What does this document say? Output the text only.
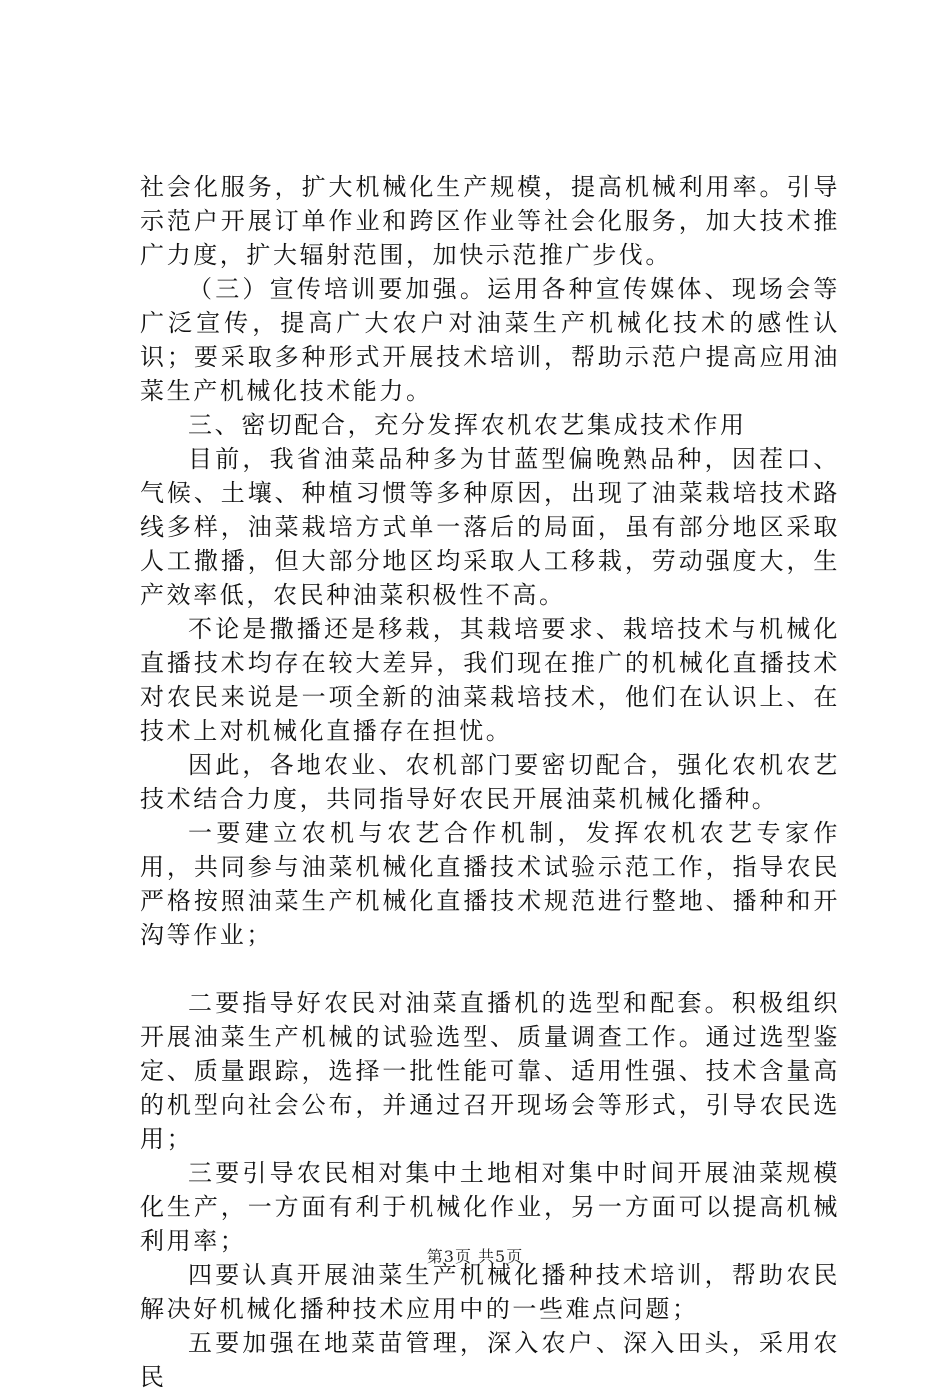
社会化服务，扩大机械化生产规模，提高机械利用率。引导示范户开展订单作业和跨区作业等社会化服务，加大技术推广力度，扩大辐射范围，加快示范推广步伐。

（三）宣传培训要加强。运用各种宣传媒体、现场会等广泛宣传，提高广大农户对油菜生产机械化技术的感性认识；要采取多种形式开展技术培训，帮助示范户提高应用油菜生产机械化技术能力。

三、密切配合，充分发挥农机农艺集成技术作用

目前，我省油菜品种多为甘蓝型偏晚熟品种，因茬口、气候、土壤、种植习惯等多种原因，出现了油菜栽培技术路线多样，油菜栽培方式单一落后的局面，虽有部分地区采取人工撒播，但大部分地区均采取人工移栽，劳动强度大，生产效率低，农民种油菜积极性不高。

不论是撒播还是移栽，其栽培要求、栽培技术与机械化直播技术均存在较大差异，我们现在推广的机械化直播技术对农民来说是一项全新的油菜栽培技术，他们在认识上、在技术上对机械化直播存在担忧。

因此，各地农业、农机部门要密切配合，强化农机农艺技术结合力度，共同指导好农民开展油菜机械化播种。

一要建立农机与农艺合作机制，发挥农机农艺专家作用，共同参与油菜机械化直播技术试验示范工作，指导农民严格按照油菜生产机械化直播技术规范进行整地、播种和开沟等作业；

二要指导好农民对油菜直播机的选型和配套。积极组织开展油菜生产机械的试验选型、质量调查工作。通过选型鉴定、质量跟踪，选择一批性能可靠、适用性强、技术含量高的机型向社会公布，并通过召开现场会等形式，引导农民选用；

三要引导农民相对集中土地相对集中时间开展油菜规模化生产，一方面有利于机械化作业，另一方面可以提高机械利用率；

四要认真开展油菜生产机械化播种技术培训，帮助农民解决好机械化播种技术应用中的一些难点问题；

五要加强在地菜苗管理，深入农户、深入田头，采用农民

第3页 共5页
